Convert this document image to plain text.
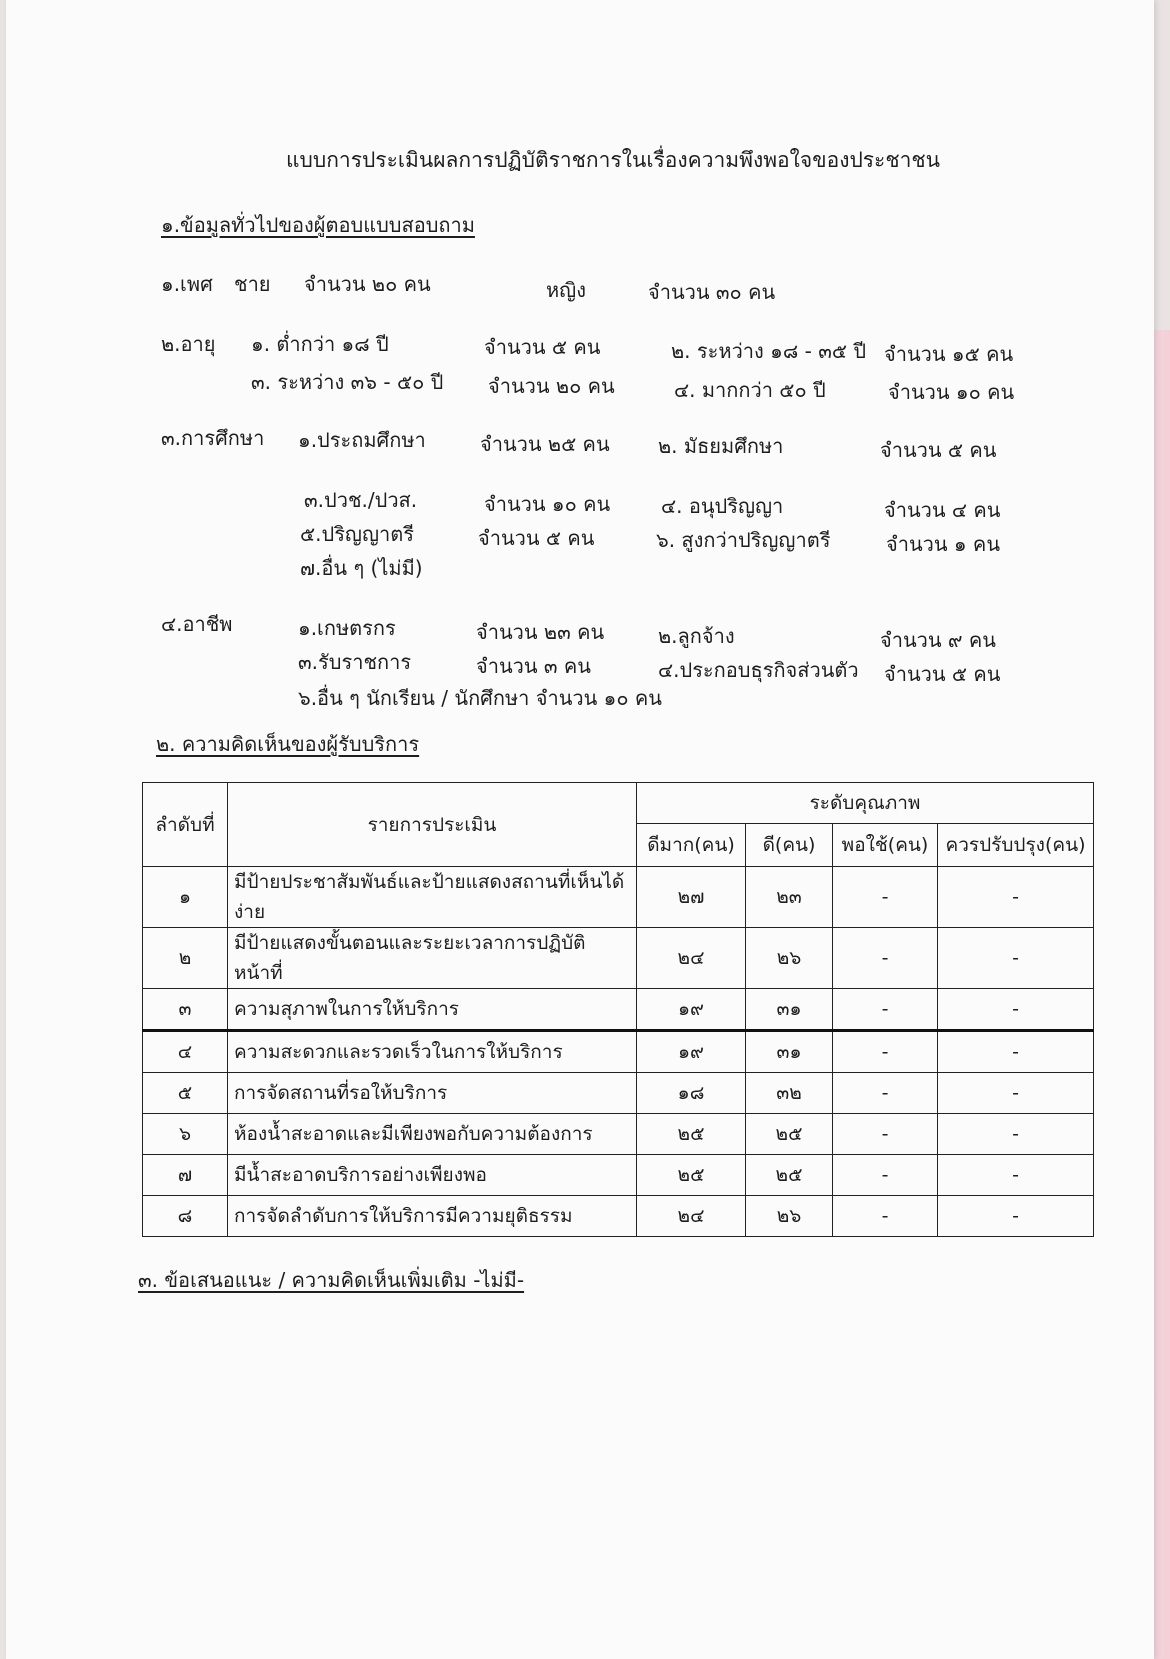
แบบการประเมินผลการปฏิบัติราชการในเรื่องความพึงพอใจของประชาชน
๑.ข้อมูลทั่วไปของผู้ตอบแบบสอบถาม
๑.เพศ ชาย จำนวน ๒๐ คน	หญิง	จำนวน ๓๐ คน
๒.อายุ ๑. ต่ำกว่า ๑๘ ปี	จำนวน ๕ คน	๒. ระหว่าง ๑๘ - ๓๕ ปี จำนวน ๑๕ คน
๓. ระหว่าง ๓๖ - ๕๐ ปี จำนวน ๒๐ คน	๔. มากกว่า ๕๐ ปี	จำนวน ๑๐ คน
๓.การศึกษา ๑.ประถมศึกษา	จำนวน ๒๕ คน ๒. มัธยมศึกษา	จำนวน ๕ คน
๓.ปวช./ปวส.	จำนวน ๑๐ คน	๔. อนุปริญญา	จำนวน ๔ คน
๕.ปริญญาตรี	จำนวน ๕ คน	๖. สูงกว่าปริญญาตรี	จำนวน ๑ คน
๗.อื่น ๆ (ไม่มี)
๔.อาชีพ	๑.เกษตรกร	จำนวน ๒๓ คน	๒.ลูกจ้าง	จำนวน ๙ คน
๓.รับราชการ	จำนวน ๓ คน	๔.ประกอบธุรกิจส่วนตัว จำนวน ๕ คน
๖.อื่น ๆ นักเรียน / นักศึกษา จำนวน ๑๐ คน
๒. ความคิดเห็นของผู้รับบริการ
ลำดับที่	รายการประเมิน	ระดับคุณภาพ			
		ดีมาก(คน)	ดี(คน)	พอใช้(คน)	ควรปรับปรุง(คน)
๑	มีป้ายประชาสัมพันธ์และป้ายแสดงสถานที่เห็นได้ง่าย	๒๗	๒๓	-	-
๒	มีป้ายแสดงขั้นตอนและระยะเวลาการปฏิบัติหน้าที่	๒๔	๒๖	-	-
๓	ความสุภาพในการให้บริการ	๑๙	๓๑	-	-
๔	ความสะดวกและรวดเร็วในการให้บริการ	๑๙	๓๑	-	-
๕	การจัดสถานที่รอให้บริการ	๑๘	๓๒	-	-
๖	ห้องน้ำสะอาดและมีเพียงพอกับความต้องการ	๒๕	๒๕	-	-
๗	มีน้ำสะอาดบริการอย่างเพียงพอ	๒๕	๒๕	-	-
๘	การจัดลำดับการให้บริการมีความยุติธรรม	๒๔	๒๖	-	-
๓. ข้อเสนอแนะ / ความคิดเห็นเพิ่มเติม -ไม่มี-
